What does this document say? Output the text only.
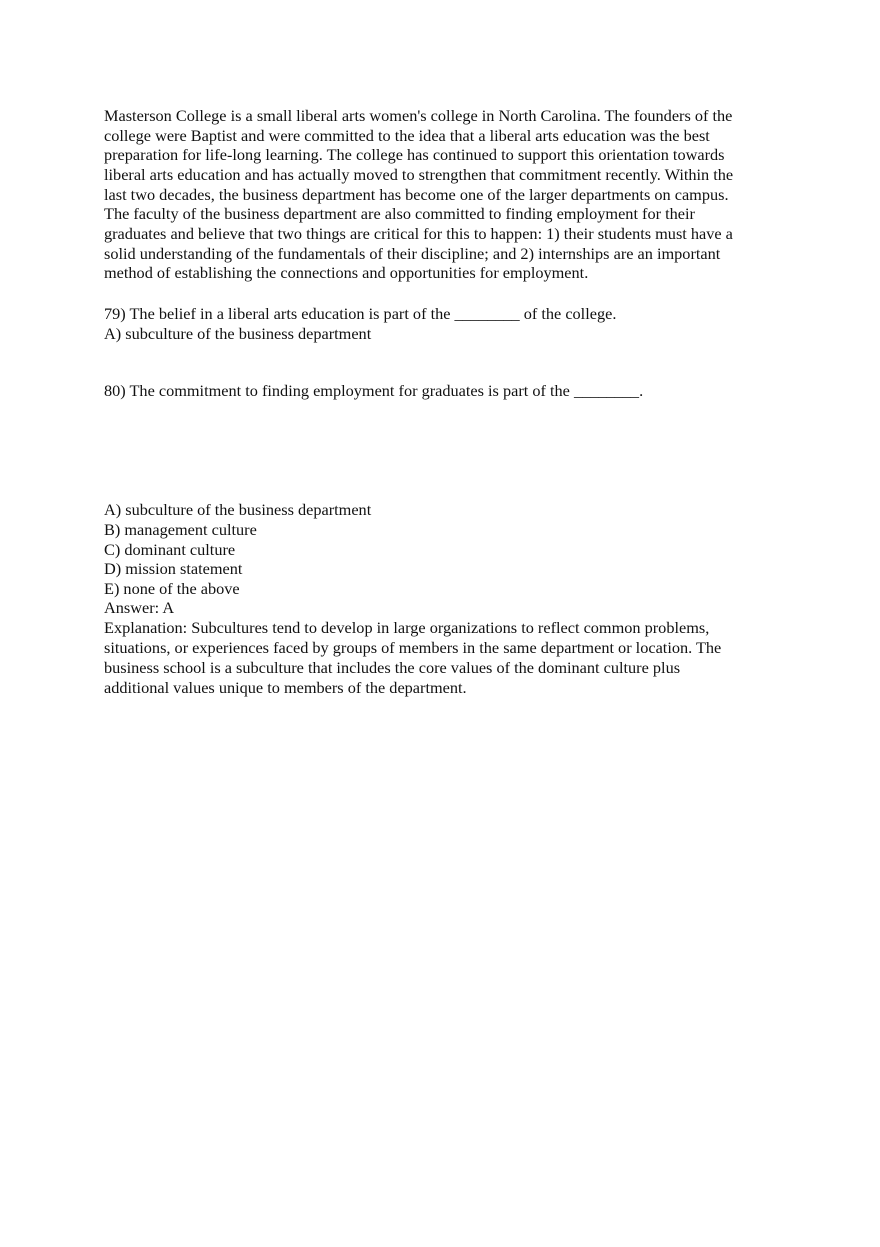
Masterson College is a small liberal arts women's college in North Carolina. The founders of the
college were Baptist and were committed to the idea that a liberal arts education was the best
preparation for life-long learning. The college has continued to support this orientation towards
liberal arts education and has actually moved to strengthen that commitment recently. Within the
last two decades, the business department has become one of the larger departments on campus.
The faculty of the business department are also committed to finding employment for their
graduates and believe that two things are critical for this to happen: 1) their students must have a
solid understanding of the fundamentals of their discipline; and 2) internships are an important
method of establishing the connections and opportunities for employment.
79) The belief in a liberal arts education is part of the ________ of the college.
A) subculture of the business department
80) The commitment to finding employment for graduates is part of the ________.
A) subculture of the business department
B) management culture
C) dominant culture
D) mission statement
E) none of the above
Answer: A
Explanation: Subcultures tend to develop in large organizations to reflect common problems,
situations, or experiences faced by groups of members in the same department or location. The
business school is a subculture that includes the core values of the dominant culture plus
additional values unique to members of the department.
